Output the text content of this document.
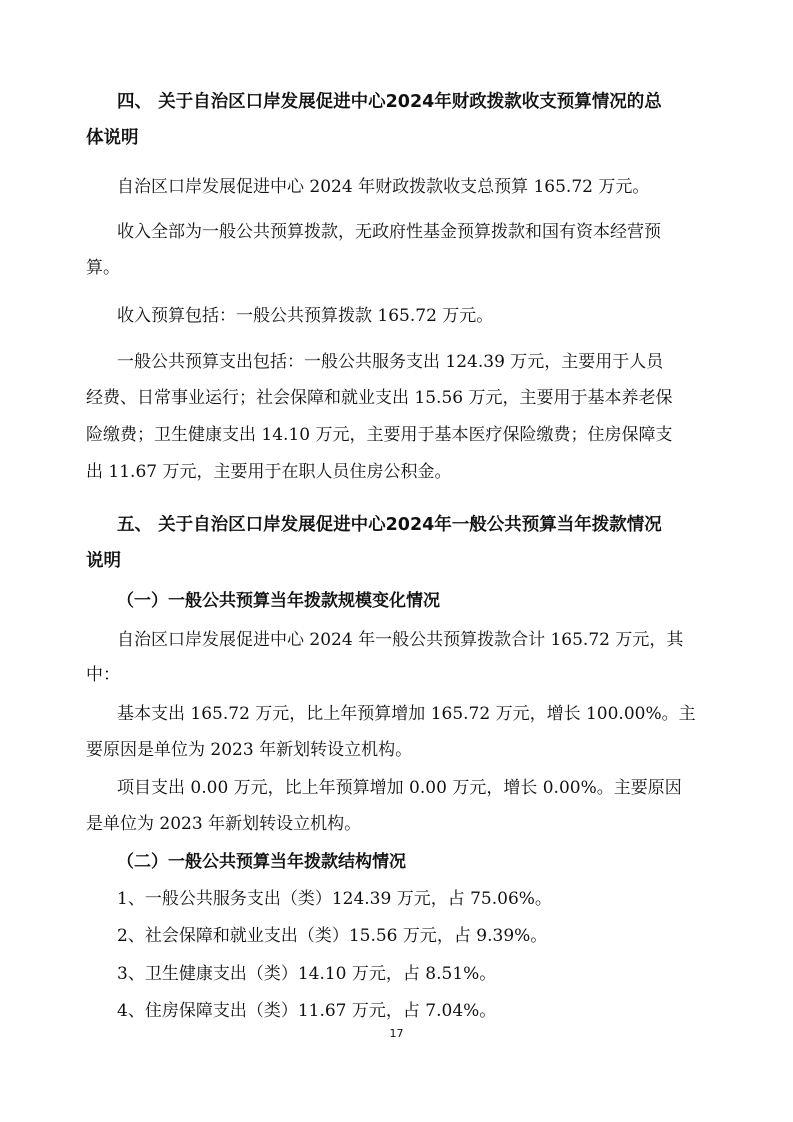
四、 关于自治区口岸发展促进中心2024年财政拨款收支预算情况的总
体说明
自治区口岸发展促进中心 2024 年财政拨款收支总预算 165.72 万元。
收入全部为一般公共预算拨款，无政府性基金预算拨款和国有资本经营预
算。
收入预算包括：一般公共预算拨款 165.72 万元。
一般公共预算支出包括：一般公共服务支出 124.39 万元，主要用于人员
经费、日常事业运行；社会保障和就业支出 15.56 万元，主要用于基本养老保
险缴费；卫生健康支出 14.10 万元，主要用于基本医疗保险缴费；住房保障支
出 11.67 万元，主要用于在职人员住房公积金。
五、 关于自治区口岸发展促进中心2024年一般公共预算当年拨款情况
说明
（一）一般公共预算当年拨款规模变化情况
自治区口岸发展促进中心 2024 年一般公共预算拨款合计 165.72 万元，其
中：
基本支出 165.72 万元，比上年预算增加 165.72 万元，增长 100.00%。主
要原因是单位为 2023 年新划转设立机构。
项目支出 0.00 万元，比上年预算增加 0.00 万元，增长 0.00%。主要原因
是单位为 2023 年新划转设立机构。
（二）一般公共预算当年拨款结构情况
1、一般公共服务支出（类）124.39 万元，占 75.06%。
2、社会保障和就业支出（类）15.56 万元，占 9.39%。
3、卫生健康支出（类）14.10 万元，占 8.51%。
4、住房保障支出（类）11.67 万元，占 7.04%。
17
